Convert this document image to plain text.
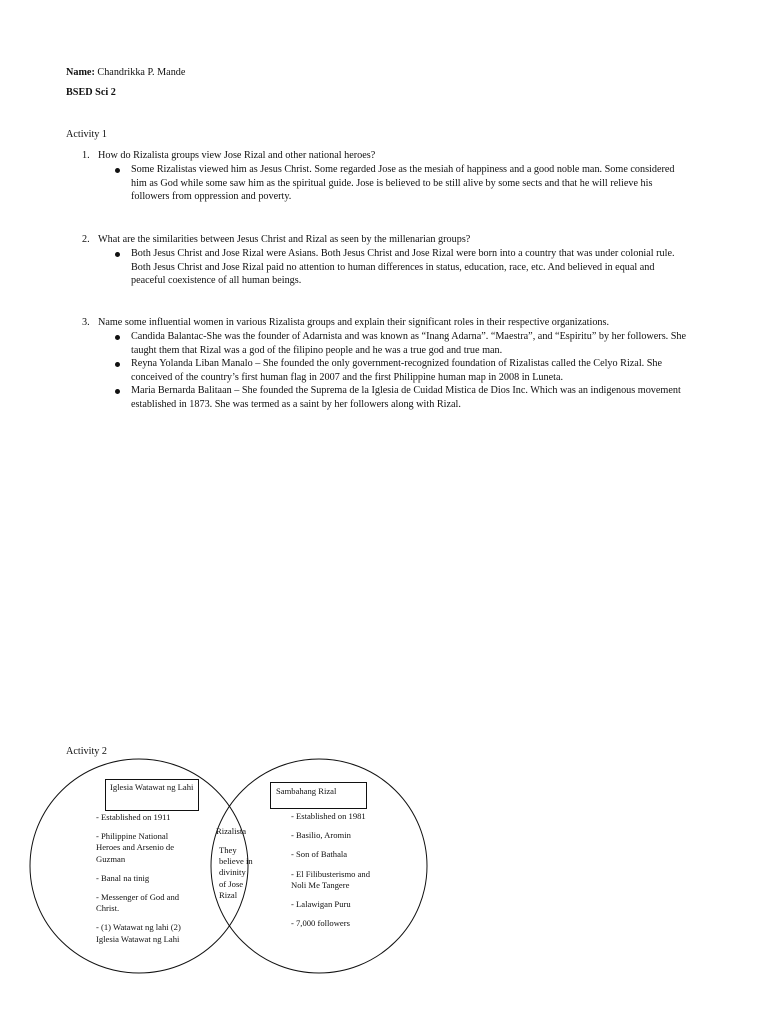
Name: Chandrikka P. Mande
BSED Sci 2
Activity 1
1. How do Rizalista groups view Jose Rizal and other national heroes?
Some Rizalistas viewed him as Jesus Christ. Some regarded Jose as the mesiah of happiness and a good noble man. Some considered him as God while some saw him as the spiritual guide. Jose is believed to be still alive by some sects and that he will relieve his followers from oppression and poverty.
2. What are the similarities between Jesus Christ and Rizal as seen by the millenarian groups?
Both Jesus Christ and Jose Rizal were Asians. Both Jesus Christ and Jose Rizal were born into a country that was under colonial rule. Both Jesus Christ and Jose Rizal paid no attention to human differences in status, education, race, etc. And believed in equal and peaceful coexistence of all human beings.
3. Name some influential women in various Rizalista groups and explain their significant roles in their respective organizations.
Candida Balantac-She was the founder of Adarnista and was known as “Inang Adarna”. “Maestra”, and “Espiritu” by her followers. She taught them that Rizal was a god of the filipino people and he was a true god and true man.
Reyna Yolanda Liban Manalo – She founded the only government-recognized foundation of Rizalistas called the Celyo Rizal. She conceived of the country’s first human flag in 2007 and the first Philippine human map in 2008 in Luneta.
Maria Bernarda Balitaan – She founded the Suprema de la Iglesia de Cuidad Mistica de Dios Inc. Which was an indigenous movement established in 1873. She was termed as a saint by her followers along with Rizal.
Activity 2
Iglesia Watawat ng Lahi	Sambahang Rizal
- Established on 1911
- Philippine National Heroes and Arsenio de Guzman
- Banal na tinig
- Messenger of God and Christ.
- (1) Watawat ng lahi (2) Iglesia Watawat ng Lahi
Rizalista
They believe in divinity of Jose Rizal
- Established on 1981
- Basilio, Aromin
- Son of Bathala
- El Filibusterismo and Noli Me Tangere
- Lalawigan Puru
- 7,000 followers
